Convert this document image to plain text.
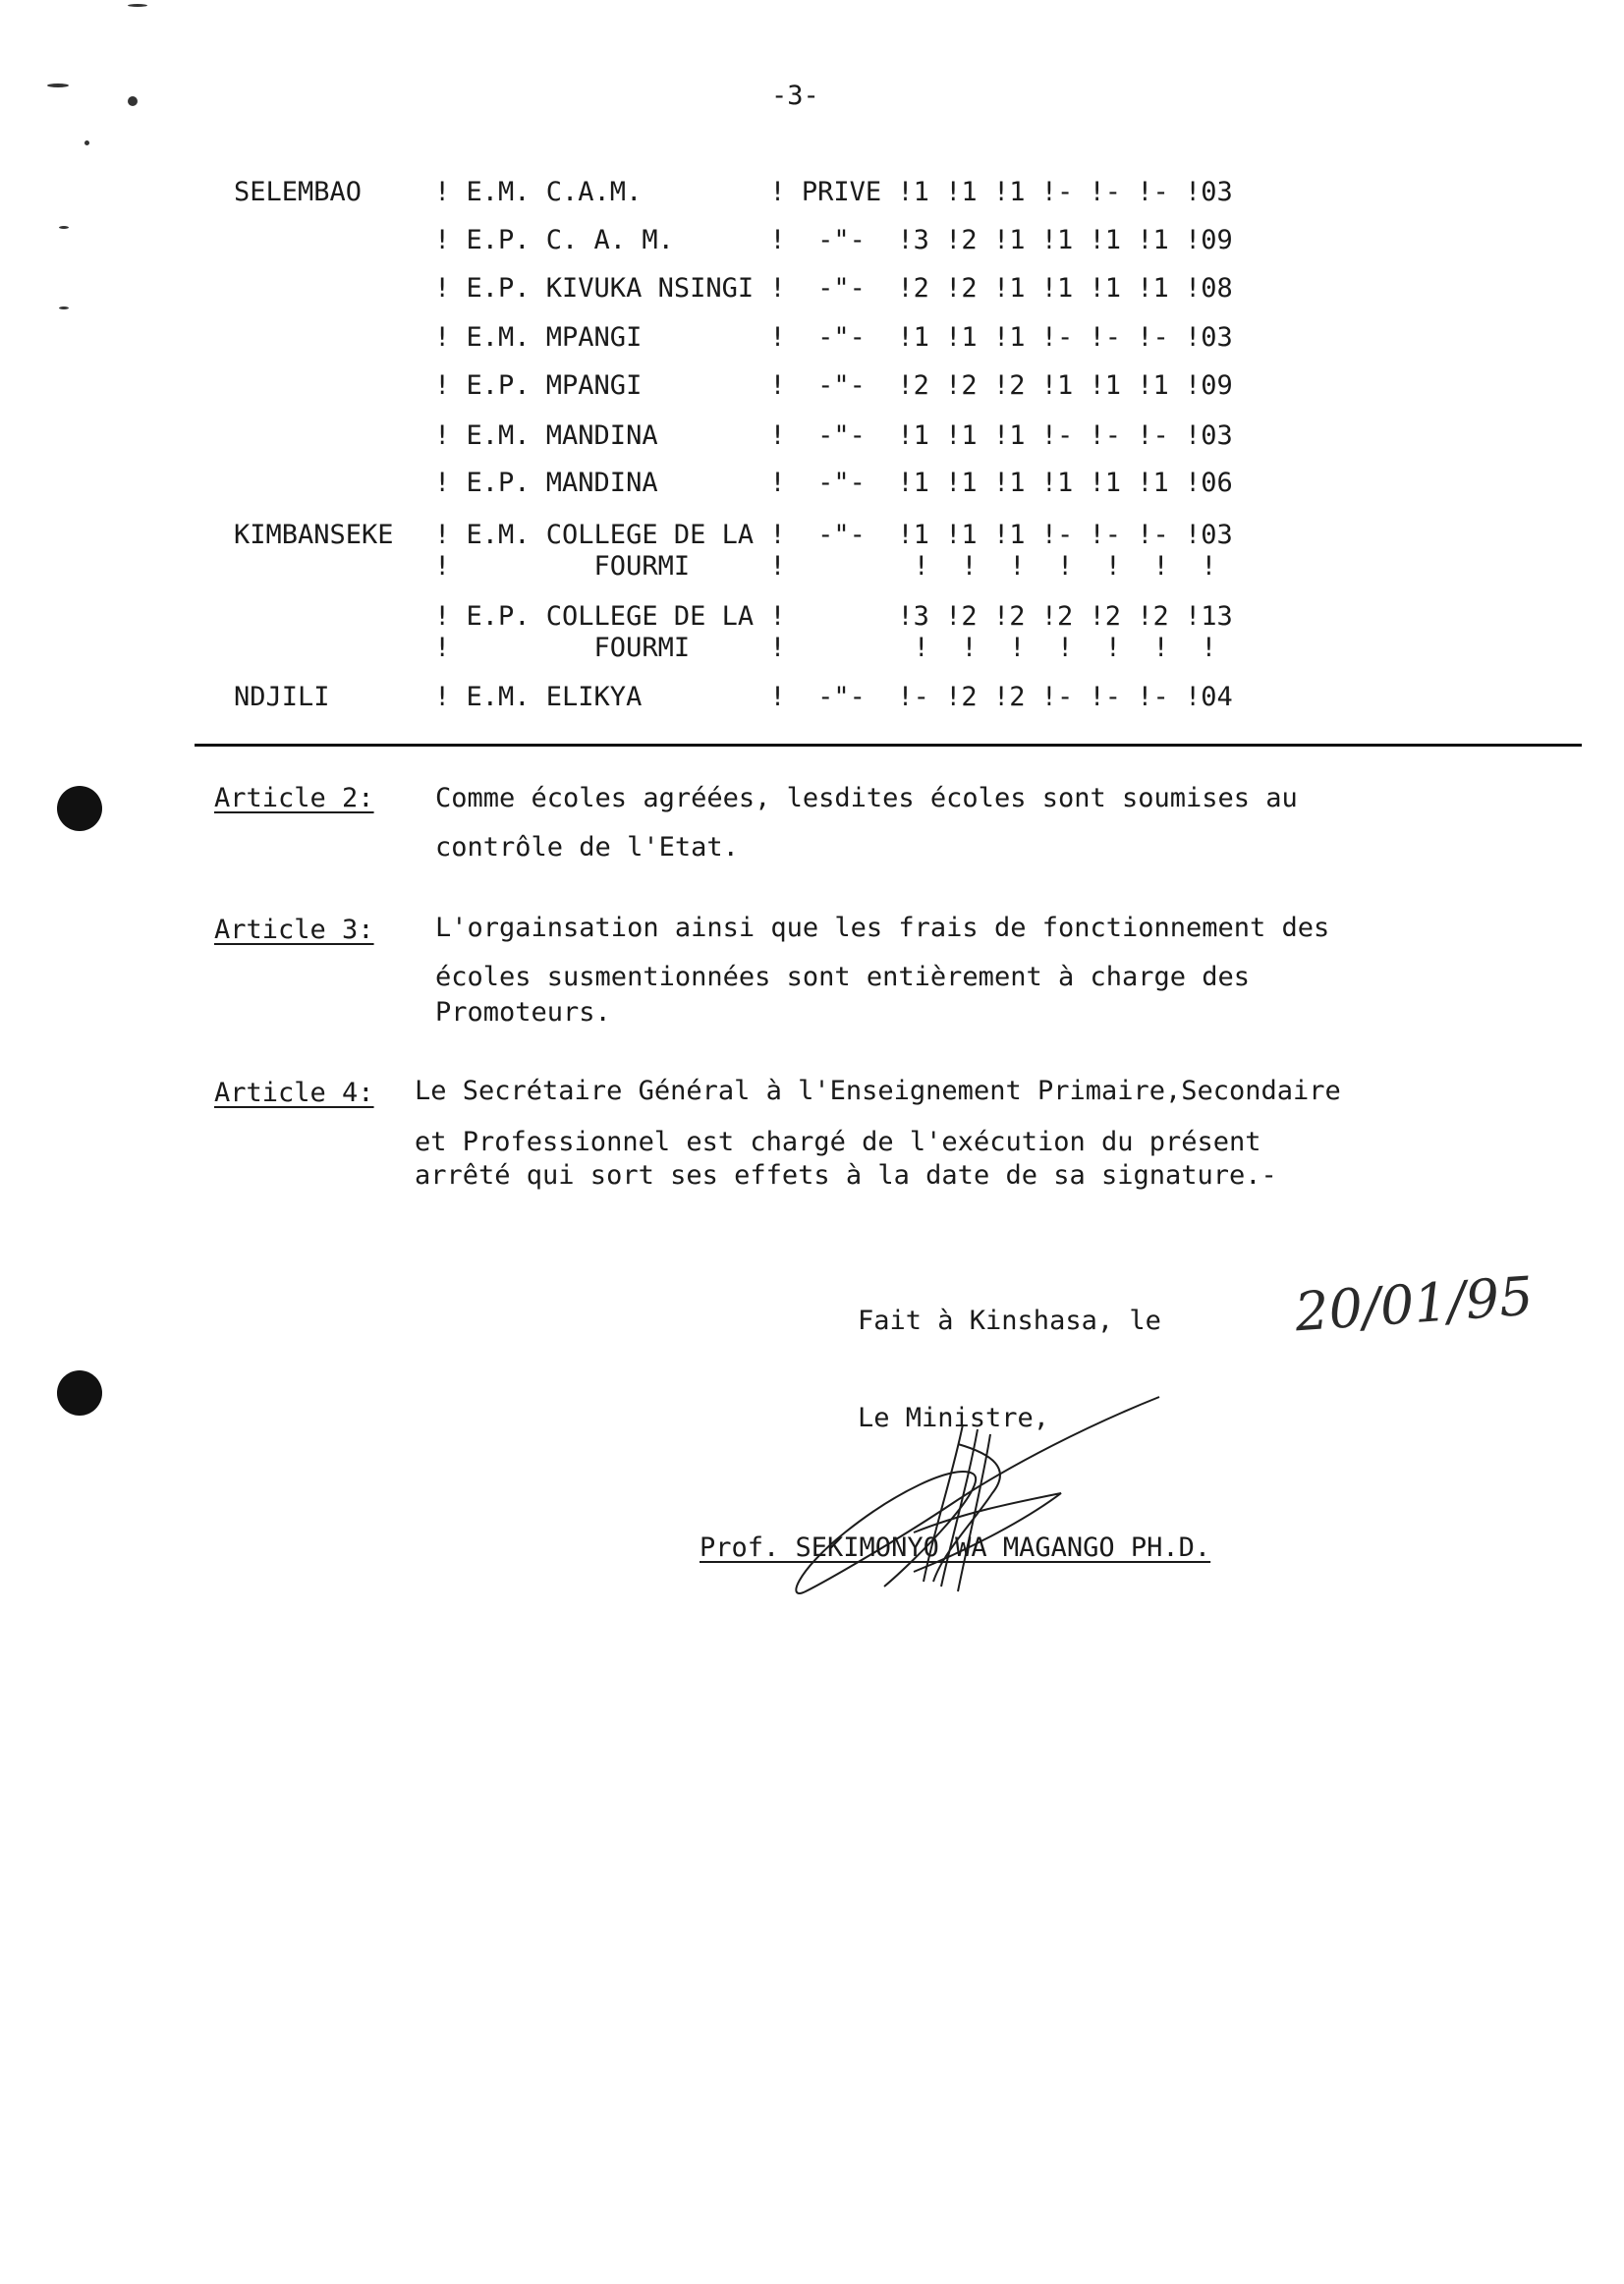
-3-
SELEMBAO	! E.M. C.A.M.        ! PRIVE !1 !1 !1 !- !- !- !03
! E.P. C. A. M.      !  -"-  !3 !2 !1 !1 !1 !1 !09
! E.P. KIVUKA NSINGI !  -"-  !2 !2 !1 !1 !1 !1 !08
! E.M. MPANGI        !  -"-  !1 !1 !1 !- !- !- !03
! E.P. MPANGI        !  -"-  !2 !2 !2 !1 !1 !1 !09
! E.M. MANDINA       !  -"-  !1 !1 !1 !- !- !- !03
! E.P. MANDINA       !  -"-  !1 !1 !1 !1 !1 !1 !06
KIMBANSEKE ! E.M. COLLEGE DE LA !  -"-  !1 !1 !1 !- !- !- !03
!         FOURMI     !        !  !  !  !  !  !  !
! E.P. COLLEGE DE LA !       !3 !2 !2 !2 !2 !2 !13
!         FOURMI     !        !  !  !  !  !  !  !
NDJILI	! E.M. ELIKYA        !  -"-  !- !2 !2 !- !- !- !04
Article 2: Comme écoles agréées, lesdites écoles sont soumises au
contrôle de l'Etat.
Article 3: L'orgainsation ainsi que les frais de fonctionnement des
écoles susmentionnées sont entièrement à charge des
Promoteurs.
Article 4: Le Secrétaire Général à l'Enseignement Primaire,Secondaire
et Professionnel est chargé de l'exécution du présent
arrêté qui sort ses effets à la date de sa signature.-
Fait à Kinshasa, le 20/01/95
Le Ministre,
Prof. SEKIMONYO WA MAGANGO PH.D.
